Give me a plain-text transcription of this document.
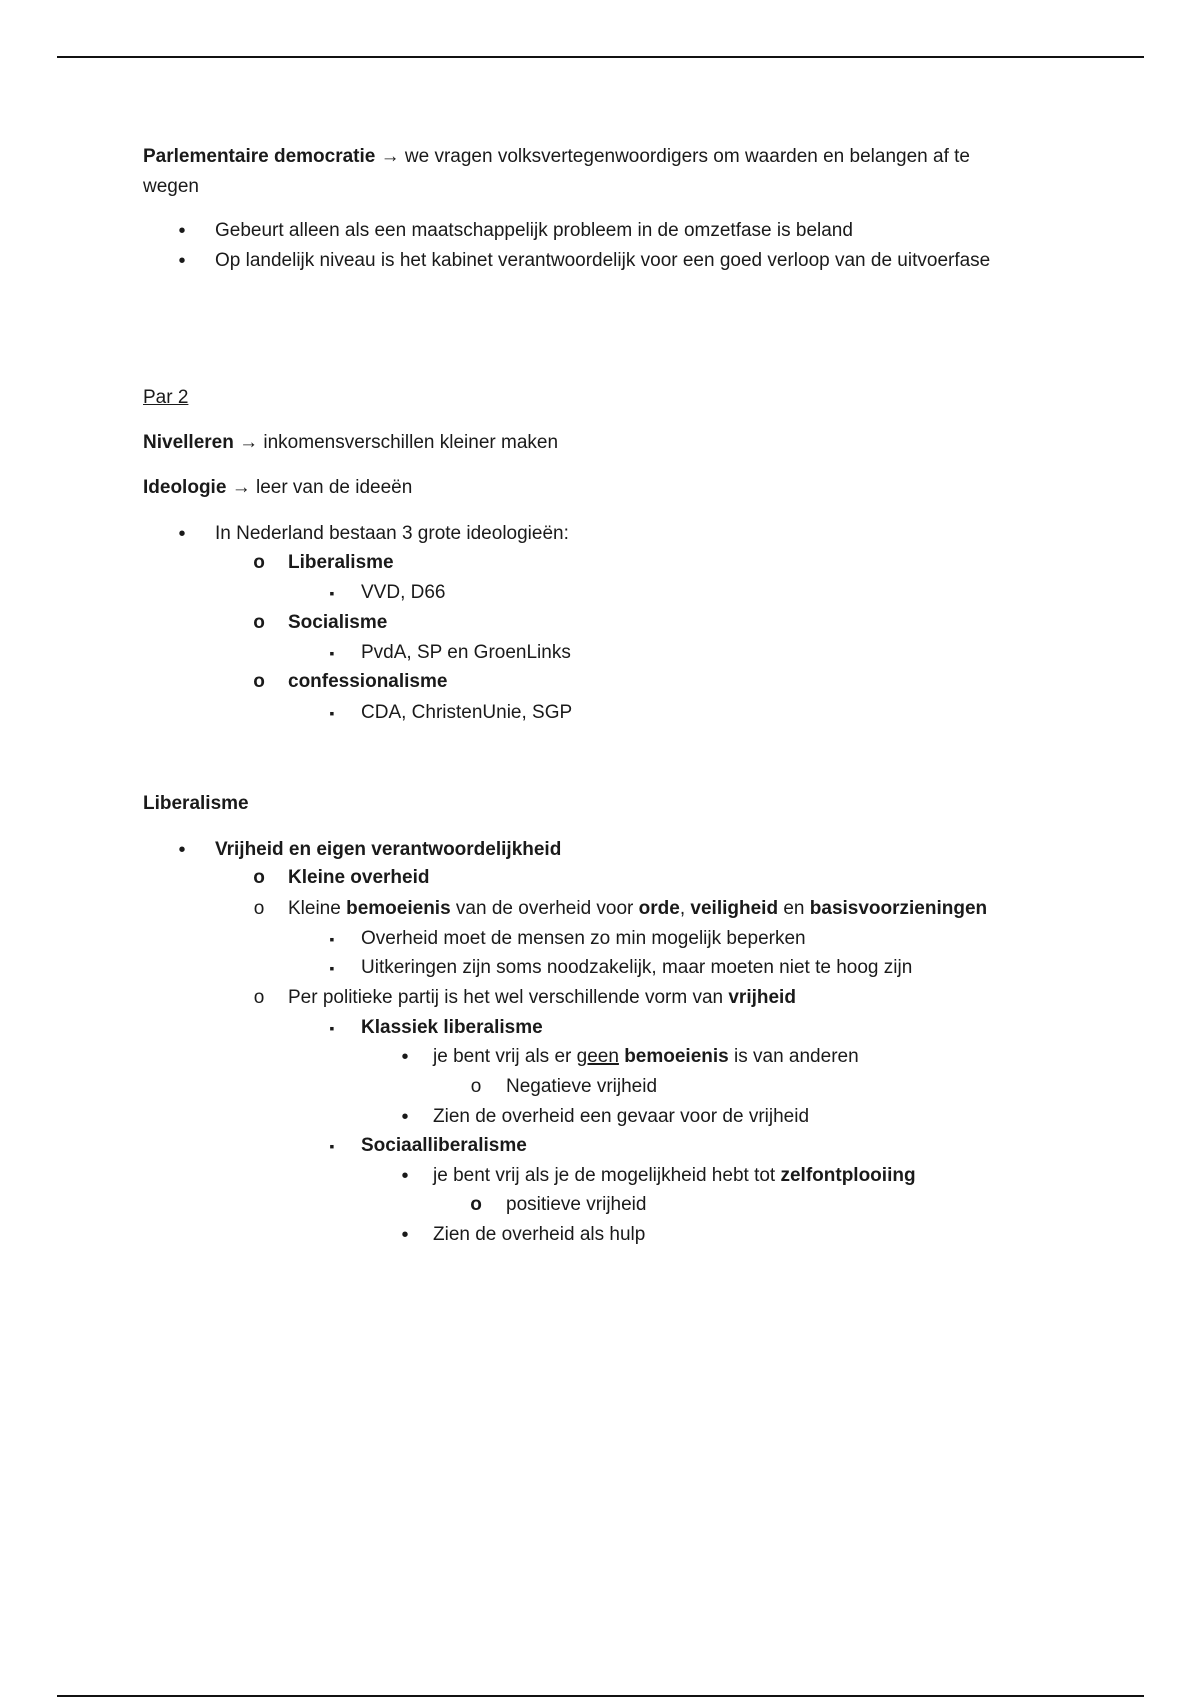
Parlementaire democratie → we vragen volksvertegenwoordigers om waarden en belangen af te
wegen
•
Gebeurt alleen als een maatschappelijk probleem in de omzetfase is beland
•
Op landelijk niveau is het kabinet verantwoordelijk voor een goed verloop van de uitvoerfase
Par 2
Nivelleren → inkomensverschillen kleiner maken
Ideologie → leer van de ideeën
•
In Nederland bestaan 3 grote ideologieën:
o
Liberalisme
▪
VVD, D66
o
Socialisme
▪
PvdA, SP en GroenLinks
o
confessionalisme
▪
CDA, ChristenUnie, SGP
Liberalisme
•
Vrijheid en eigen verantwoordelijkheid
o
Kleine overheid
o
Kleine bemoeienis van de overheid voor orde, veiligheid en basisvoorzieningen
▪
Overheid moet de mensen zo min mogelijk beperken
▪
Uitkeringen zijn soms noodzakelijk, maar moeten niet te hoog zijn
o
Per politieke partij is het wel verschillende vorm van vrijheid
▪
Klassiek liberalisme
•
je bent vrij als er geen bemoeienis is van anderen
o
Negatieve vrijheid
•
Zien de overheid een gevaar voor de vrijheid
▪
Sociaalliberalisme
•
je bent vrij als je de mogelijkheid hebt tot zelfontplooiing
o
positieve vrijheid
•
Zien de overheid als hulp
